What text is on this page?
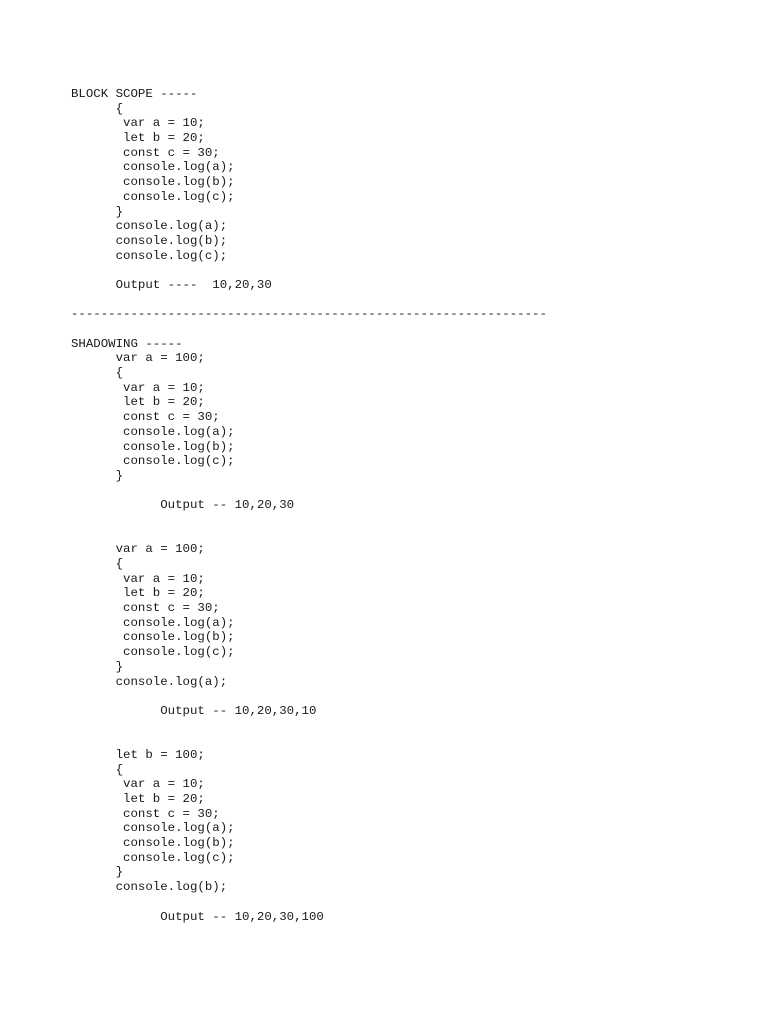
BLOCK SCOPE -----
{
var a = 10;
let b = 20;
const c = 30;
console.log(a);
console.log(b);
console.log(c);
}
console.log(a);
console.log(b);
console.log(c);
Output ----  10,20,30
----------------------------------------------------------------
SHADOWING -----
var a = 100;
{
var a = 10;
let b = 20;
const c = 30;
console.log(a);
console.log(b);
console.log(c);
}
Output -- 10,20,30
var a = 100;
{
var a = 10;
let b = 20;
const c = 30;
console.log(a);
console.log(b);
console.log(c);
}
console.log(a);
Output -- 10,20,30,10
let b = 100;
{
var a = 10;
let b = 20;
const c = 30;
console.log(a);
console.log(b);
console.log(c);
}
console.log(b);
Output -- 10,20,30,100
